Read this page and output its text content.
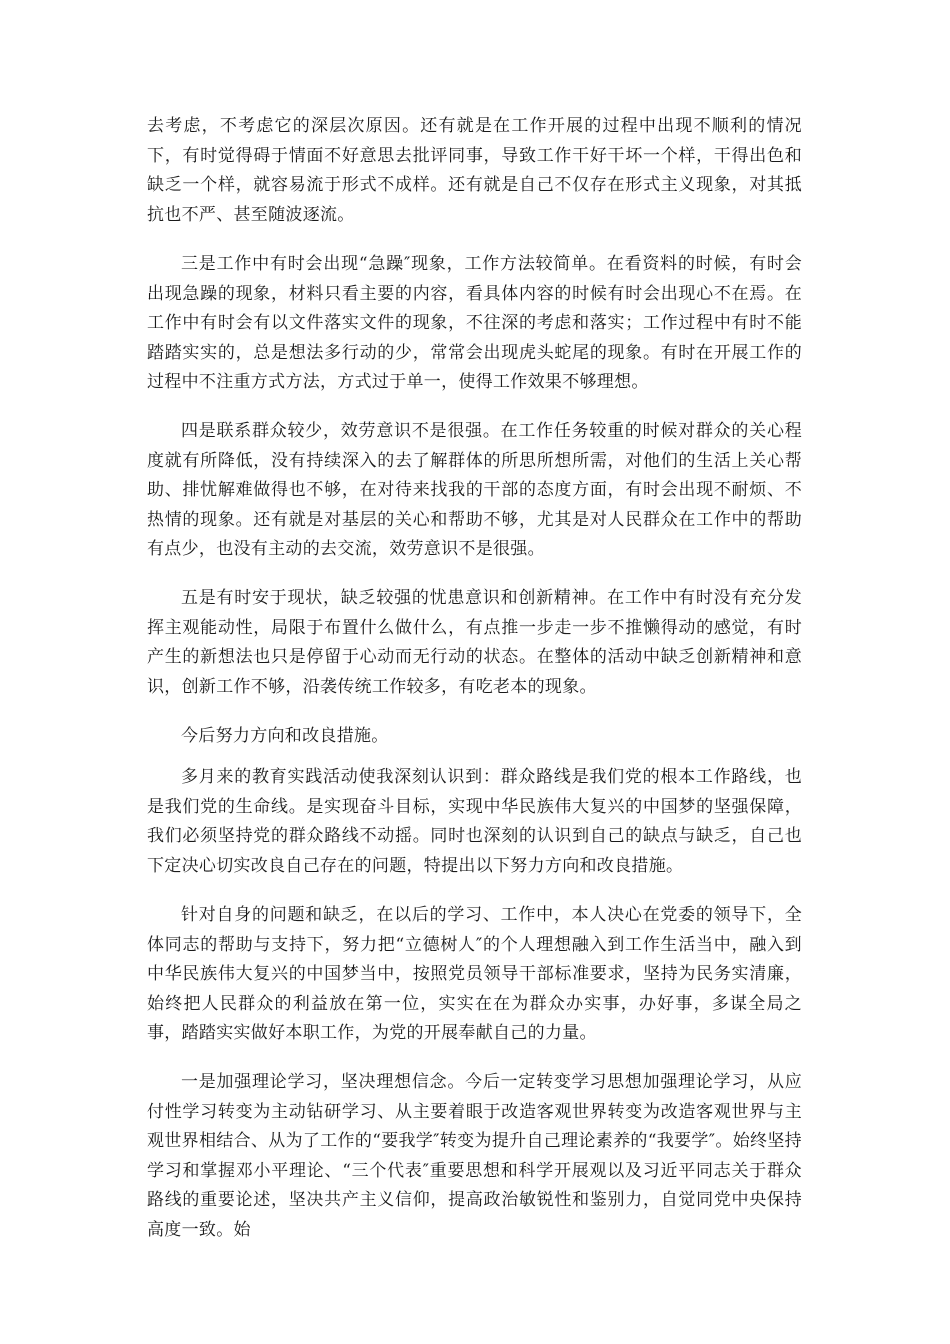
去考虑，不考虑它的深层次原因。还有就是在工作开展的过程中出现不顺利的情况下，有时觉得碍于情面不好意思去批评同事，导致工作干好干坏一个样，干得出色和缺乏一个样，就容易流于形式不成样。还有就是自己不仅存在形式主义现象，对其抵抗也不严、甚至随波逐流。

三是工作中有时会出现“急躁″现象，工作方法较简单。在看资料的时候，有时会出现急躁的现象，材料只看主要的内容，看具体内容的时候有时会出现心不在焉。在工作中有时会有以文件落实文件的现象，不往深的考虑和落实；工作过程中有时不能踏踏实实的，总是想法多行动的少，常常会出现虎头蛇尾的现象。有时在开展工作的过程中不注重方式方法，方式过于单一，使得工作效果不够理想。

四是联系群众较少，效劳意识不是很强。在工作任务较重的时候对群众的关心程度就有所降低，没有持续深入的去了解群体的所思所想所需，对他们的生活上关心帮助、排忧解难做得也不够，在对待来找我的干部的态度方面，有时会出现不耐烦、不热情的现象。还有就是对基层的关心和帮助不够，尤其是对人民群众在工作中的帮助有点少，也没有主动的去交流，效劳意识不是很强。

五是有时安于现状，缺乏较强的忧患意识和创新精神。在工作中有时没有充分发挥主观能动性，局限于布置什么做什么，有点推一步走一步不推懒得动的感觉，有时产生的新想法也只是停留于心动而无行动的状态。在整体的活动中缺乏创新精神和意识，创新工作不够，沿袭传统工作较多，有吃老本的现象。

今后努力方向和改良措施。

多月来的教育实践活动使我深刻认识到：群众路线是我们党的根本工作路线，也是我们党的生命线。是实现奋斗目标，实现中华民族伟大复兴的中国梦的坚强保障，我们必须坚持党的群众路线不动摇。同时也深刻的认识到自己的缺点与缺乏，自己也下定决心切实改良自己存在的问题，特提出以下努力方向和改良措施。

针对自身的问题和缺乏，在以后的学习、工作中，本人决心在党委的领导下，全体同志的帮助与支持下，努力把“立德树人″的个人理想融入到工作生活当中，融入到中华民族伟大复兴的中国梦当中，按照党员领导干部标准要求，坚持为民务实清廉，始终把人民群众的利益放在第一位，实实在在为群众办实事，办好事，多谋全局之事，踏踏实实做好本职工作，为党的开展奉献自己的力量。

一是加强理论学习，坚决理想信念。今后一定转变学习思想加强理论学习，从应付性学习转变为主动钻研学习、从主要着眼于改造客观世界转变为改造客观世界与主观世界相结合、从为了工作的“要我学″转变为提升自己理论素养的“我要学″。始终坚持学习和掌握邓小平理论、“三个代表″重要思想和科学开展观以及习近平同志关于群众路线的重要论述，坚决共产主义信仰，提高政治敏锐性和鉴别力，自觉同党中央保持高度一致。始
